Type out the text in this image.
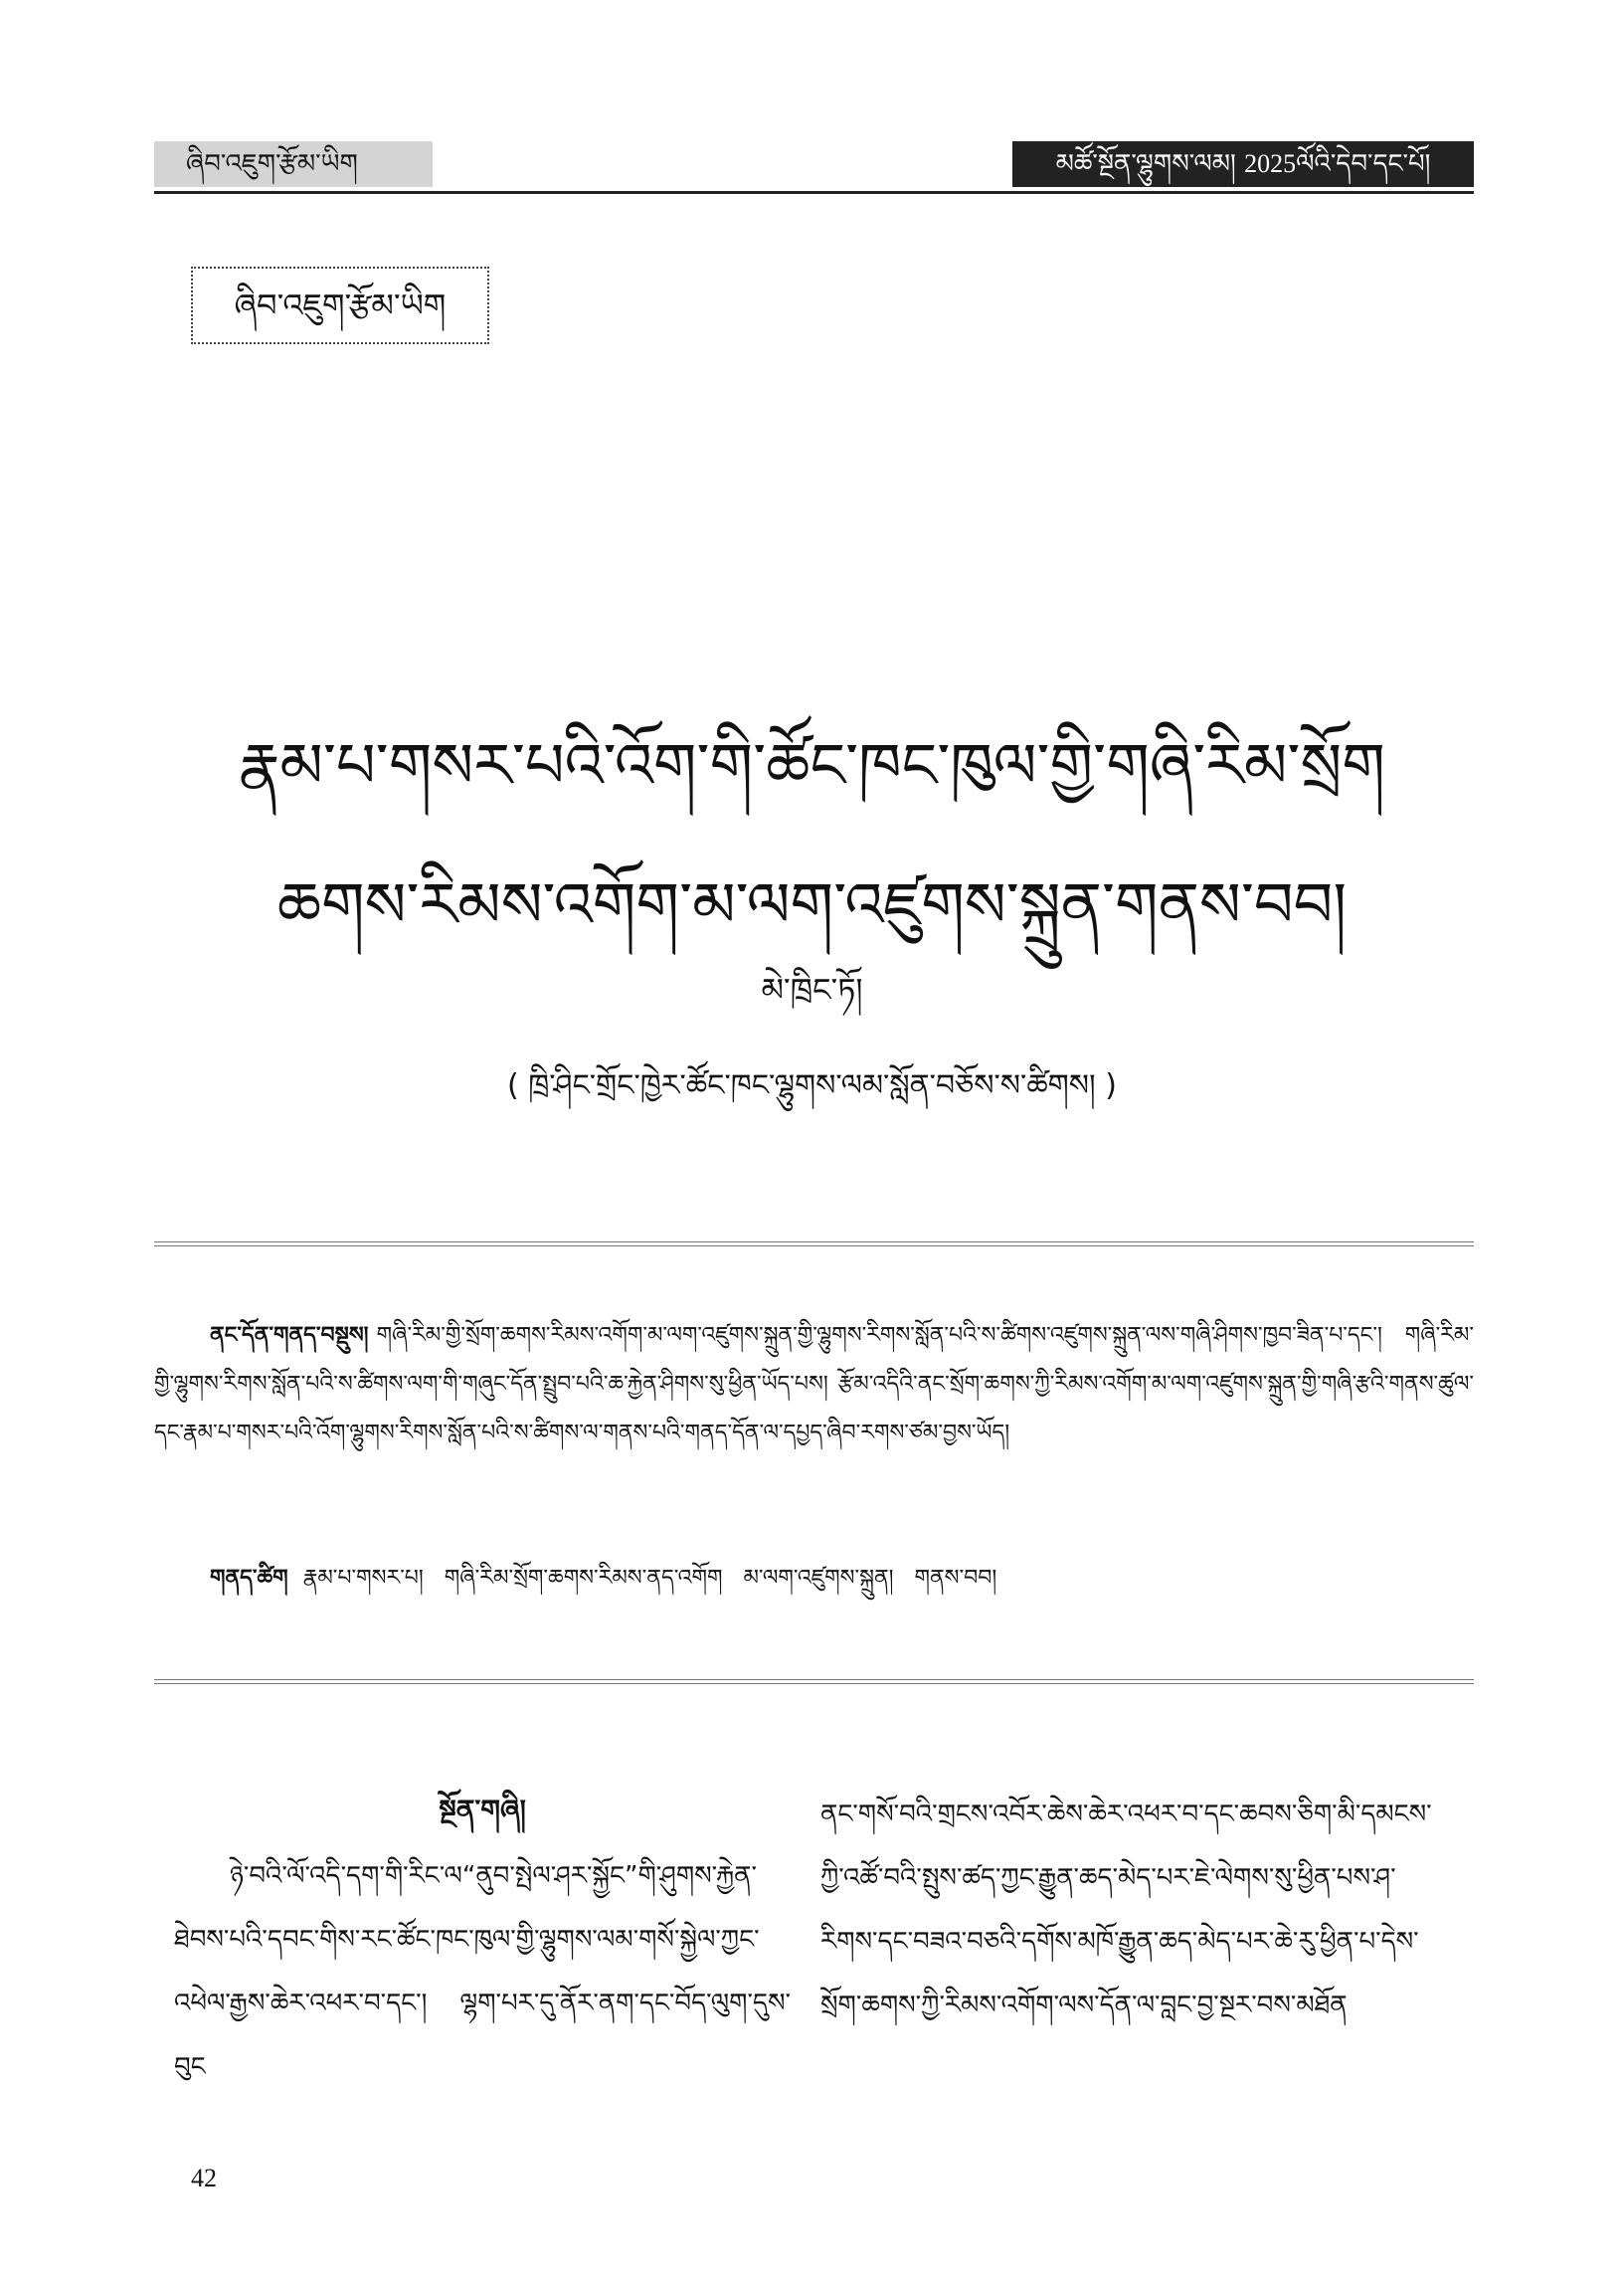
ཞིབ་འཇུག་རྩོམ་ཡིག	མཚོ་སྔོན་ལྷུགས་ལམ། 2025ལོའི་དེབ་དང་པོ།
ཞིབ་འཇུག་རྩོམ་ཡིག
རྣམ་པ་གསར་པའི་འོག་གི་ཚོང་ཁང་ཁུལ་གྱི་གཞི་རིམ་སྲོག
ཆགས་རིམས་འགོག་མ་ལག་འཛུགས་སྐྲུན་གནས་བབ།
མེ་ཁྲིང་ཏོ།
( ཁྲི་ཤིང་གྲོང་ཁྱེར་ཚོང་ཁང་ལྷུགས་ལམ་སློན་བཅོས་ས་ཚིགས། )
ནང་དོན་གནད་བསྡུས། གཞི་རིམ་གྱི་སྲོག་ཆགས་རིམས་འགོག་མ་ལག་འཛུགས་སྐྲུན་གྱི་ལྷུགས་རིགས་སློན་པའི་ས་ཚིགས་འཛུགས་སྐྲུན་ལས་གཞི་ཤིགས་ཁྱབ་ཟིན་པ་དང་། གཞི་རིམ་གྱི་ལྷུགས་རིགས་སློན་པའི་ས་ཚིགས་ལག་གི་གཞུང་དོན་སྤྲུབ་པའི་ཆ་རྐྱེན་ཤིགས་སུ་ཕྱིན་ཡོད་པས། རྩོམ་འདིའི་ནང་སྲོག་ཆགས་ཀྱི་རིམས་འགོག་མ་ལག་འཛུགས་སྐྲུན་གྱི་གཞི་རྩའི་གནས་ཚུལ་དང་རྣམ་པ་གསར་པའི་འོག་ལྷུགས་རིགས་སློན་པའི་ས་ཚིགས་ལ་གནས་པའི་གནད་དོན་ལ་དཔྱད་ཞིབ་རགས་ཙམ་བྱས་ཡོད།
གནད་ཚིག རྣམ་པ་གསར་པ། གཞི་རིམ་སྲོག་ཆགས་རིམས་ནད་འགོག མ་ལག་འཛུགས་སྐྲུན། གནས་བབ།
སྔོན་གཞི།
ཉེ་བའི་ལོ་འདི་དག་གི་རིང་ལ“ནུབ་སྤེལ་ཤར་སྐྱོང”གི་ཤུགས་རྐྱེན་ཐེབས་པའི་དབང་གིས་རང་ཚོང་ཁང་ཁུལ་གྱི་ལྷུགས་ལམ་གསོ་སྐྱེལ་ཀྱང་འཕེལ་རྒྱས་ཆེར་འཕར་བ་དང་། ལྷག་པར་དུ་ནོར་ནག་དང་བོད་ལུག་དུས་བུང
ནང་གསོ་བའི་གྲངས་འབོར་ཆེས་ཆེར་འཕར་བ་དང་ཆབས་ཅིག་མི་དམངས་ཀྱི་འཚོ་བའི་སྤུས་ཚད་ཀྱང་རྒྱུན་ཆད་མེད་པར་ཇེ་ལེགས་སུ་ཕྱིན་པས་ཤ་རིགས་དང་བཟའ་བཅའི་དགོས་མཁོ་རྒྱུན་ཆད་མེད་པར་ཆེ་རུ་ཕྱིན་པ་དེས་སྲོག་ཆགས་ཀྱི་རིམས་འགོག་ལས་དོན་ལ་བླང་བྱ་སྔར་བས་མཐོན
42
